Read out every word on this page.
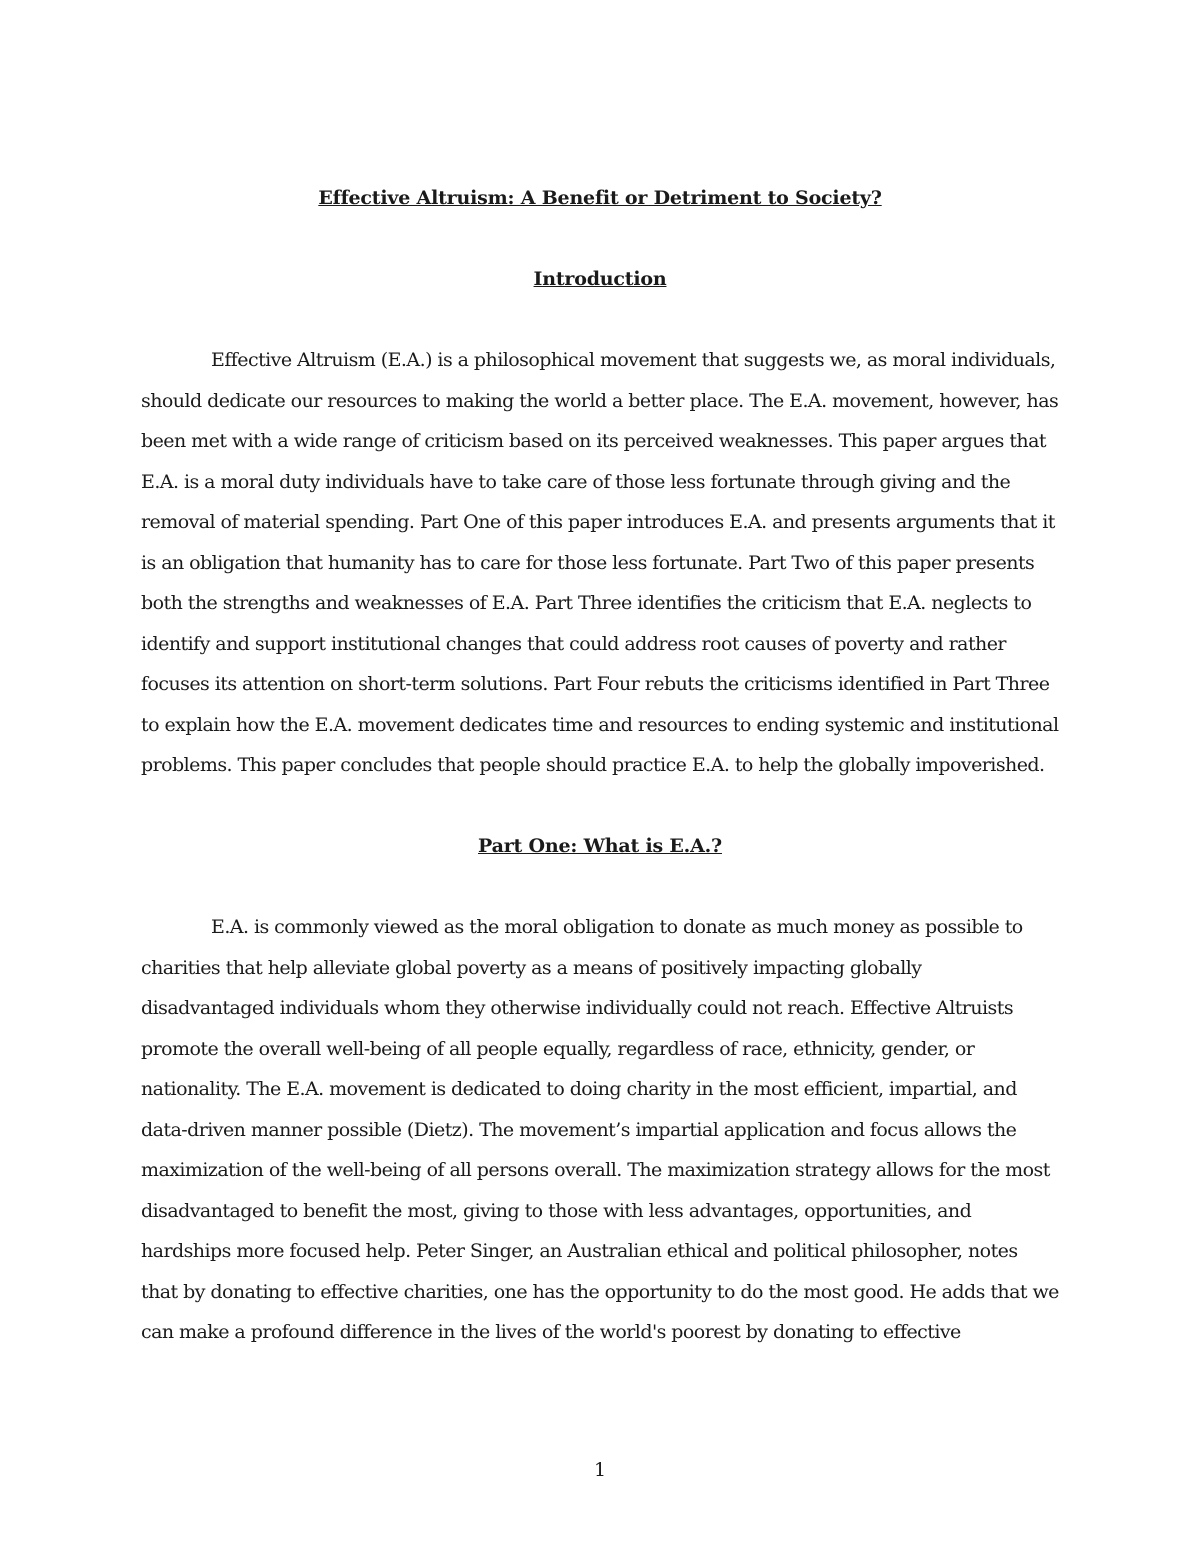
Effective Altruism: A Benefit or Detriment to Society?
Introduction

Effective Altruism (E.A.) is a philosophical movement that suggests we, as moral individuals, should dedicate our resources to making the world a better place. The E.A. movement, however, has been met with a wide range of criticism based on its perceived weaknesses. This paper argues that E.A. is a moral duty individuals have to take care of those less fortunate through giving and the removal of material spending. Part One of this paper introduces E.A. and presents arguments that it is an obligation that humanity has to care for those less fortunate. Part Two of this paper presents both the strengths and weaknesses of E.A. Part Three identifies the criticism that E.A. neglects to identify and support institutional changes that could address root causes of poverty and rather focuses its attention on short-term solutions. Part Four rebuts the criticisms identified in Part Three to explain how the E.A. movement dedicates time and resources to ending systemic and institutional problems. This paper concludes that people should practice E.A. to help the globally impoverished.

Part One: What is E.A.?

E.A. is commonly viewed as the moral obligation to donate as much money as possible to charities that help alleviate global poverty as a means of positively impacting globally disadvantaged individuals whom they otherwise individually could not reach. Effective Altruists promote the overall well-being of all people equally, regardless of race, ethnicity, gender, or nationality. The E.A. movement is dedicated to doing charity in the most efficient, impartial, and data-driven manner possible (Dietz). The movement’s impartial application and focus allows the maximization of the well-being of all persons overall. The maximization strategy allows for the most disadvantaged to benefit the most, giving to those with less advantages, opportunities, and hardships more focused help. Peter Singer, an Australian ethical and political philosopher, notes that by donating to effective charities, one has the opportunity to do the most good. He adds that we can make a profound difference in the lives of the world's poorest by donating to effective

1
